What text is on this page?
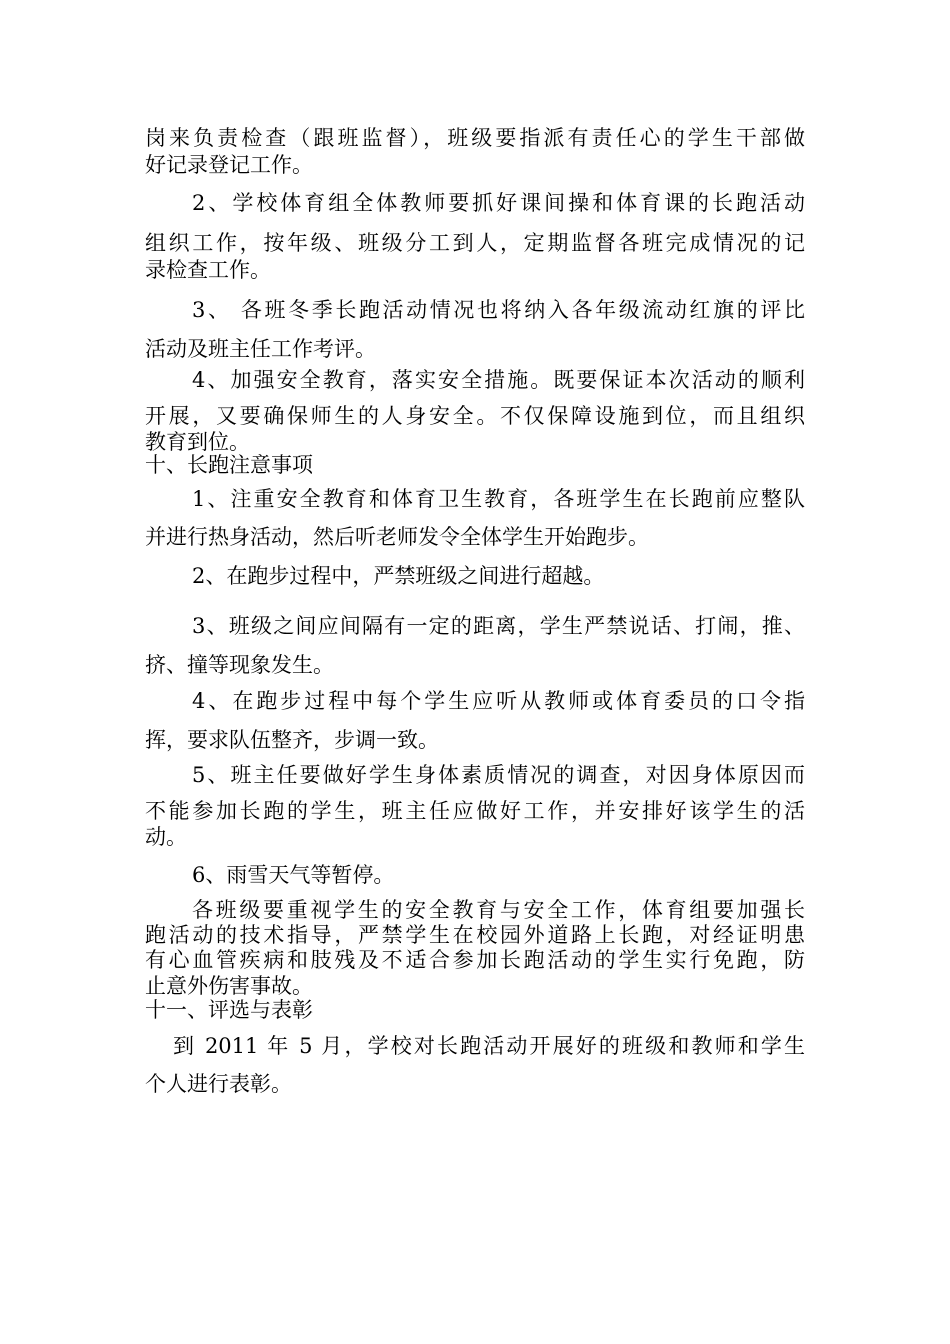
岗来负责检查（跟班监督），班级要指派有责任心的学生干部做
好记录登记工作。
2、学校体育组全体教师要抓好课间操和体育课的长跑活动
组织工作，按年级、班级分工到人，定期监督各班完成情况的记
录检查工作。
3、 各班冬季长跑活动情况也将纳入各年级流动红旗的评比
活动及班主任工作考评。
4、加强安全教育，落实安全措施。既要保证本次活动的顺利
开展，又要确保师生的人身安全。不仅保障设施到位，而且组织
教育到位。
十、长跑注意事项
1、注重安全教育和体育卫生教育，各班学生在长跑前应整队
并进行热身活动，然后听老师发令全体学生开始跑步。
2、在跑步过程中，严禁班级之间进行超越。
3、班级之间应间隔有一定的距离，学生严禁说话、打闹，推、
挤、撞等现象发生。
4、在跑步过程中每个学生应听从教师或体育委员的口令指
挥，要求队伍整齐，步调一致。
5、班主任要做好学生身体素质情况的调查，对因身体原因而
不能参加长跑的学生，班主任应做好工作，并安排好该学生的活
动。
6、雨雪天气等暂停。
各班级要重视学生的安全教育与安全工作，体育组要加强长
跑活动的技术指导，严禁学生在校园外道路上长跑，对经证明患
有心血管疾病和肢残及不适合参加长跑活动的学生实行免跑，防
止意外伤害事故。
十一、评选与表彰
到 2011 年 5 月，学校对长跑活动开展好的班级和教师和学生
个人进行表彰。
